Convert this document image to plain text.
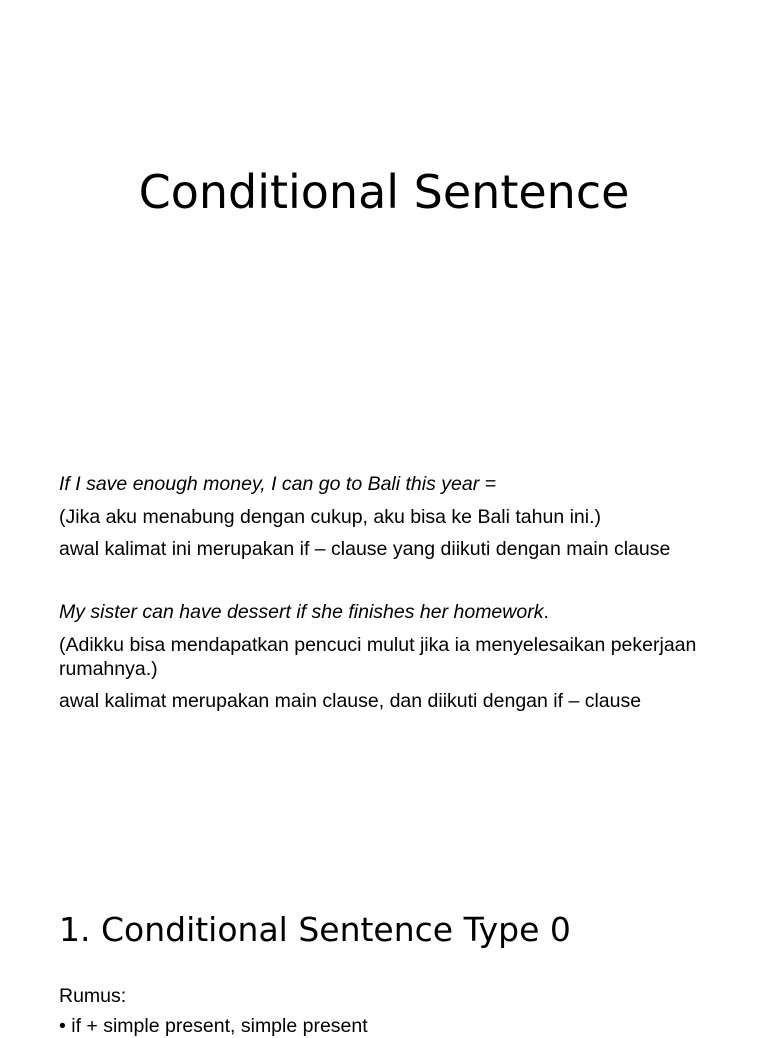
Conditional Sentence

If I save enough money, I can go to Bali this year =

(Jika aku menabung dengan cukup, aku bisa ke Bali tahun ini.)

awal kalimat ini merupakan if – clause yang diikuti dengan main clause

My sister can have dessert if she finishes her homework.

(Adikku bisa mendapatkan pencuci mulut jika ia menyelesaikan pekerjaan rumahnya.)

awal kalimat merupakan main clause, dan diikuti dengan if – clause

1. Conditional Sentence Type 0

Rumus:

• if + simple present, simple present
